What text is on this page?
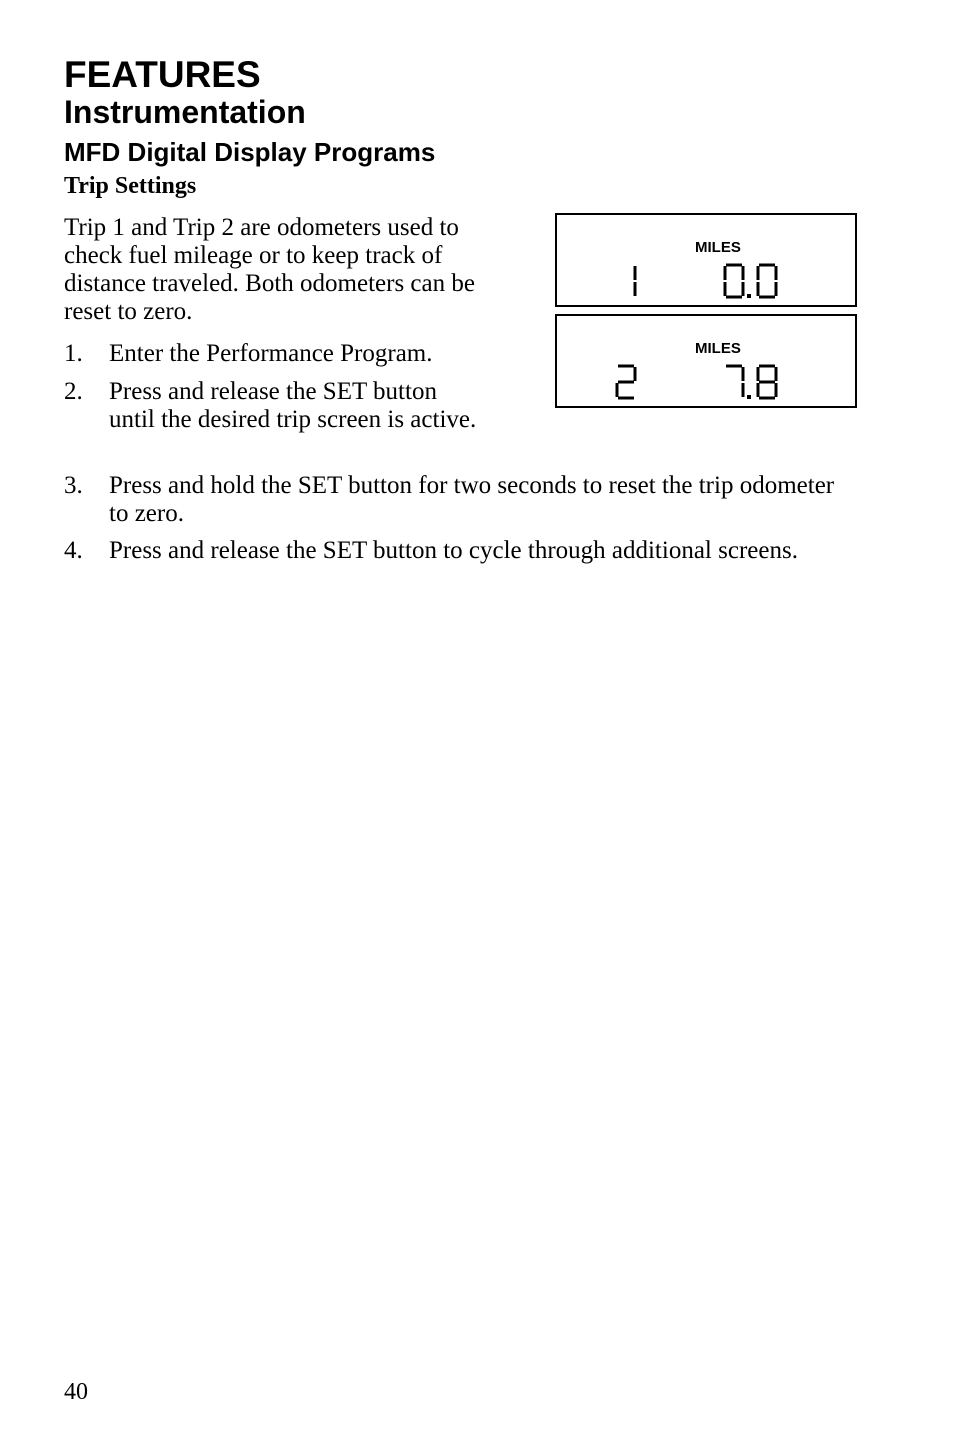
FEATURES
Instrumentation
MFD Digital Display Programs
Trip Settings

Trip 1 and Trip 2 are odometers used to check fuel mileage or to keep track of distance traveled. Both odometers can be reset to zero.

1.	Enter the Performance Program.
2.	Press and release the SET button until the desired trip screen is active.
3.	Press and hold the SET button for two seconds to reset the trip odometer to zero.
4.	Press and release the SET button to cycle through additional screens.
MILES
MILES

40
